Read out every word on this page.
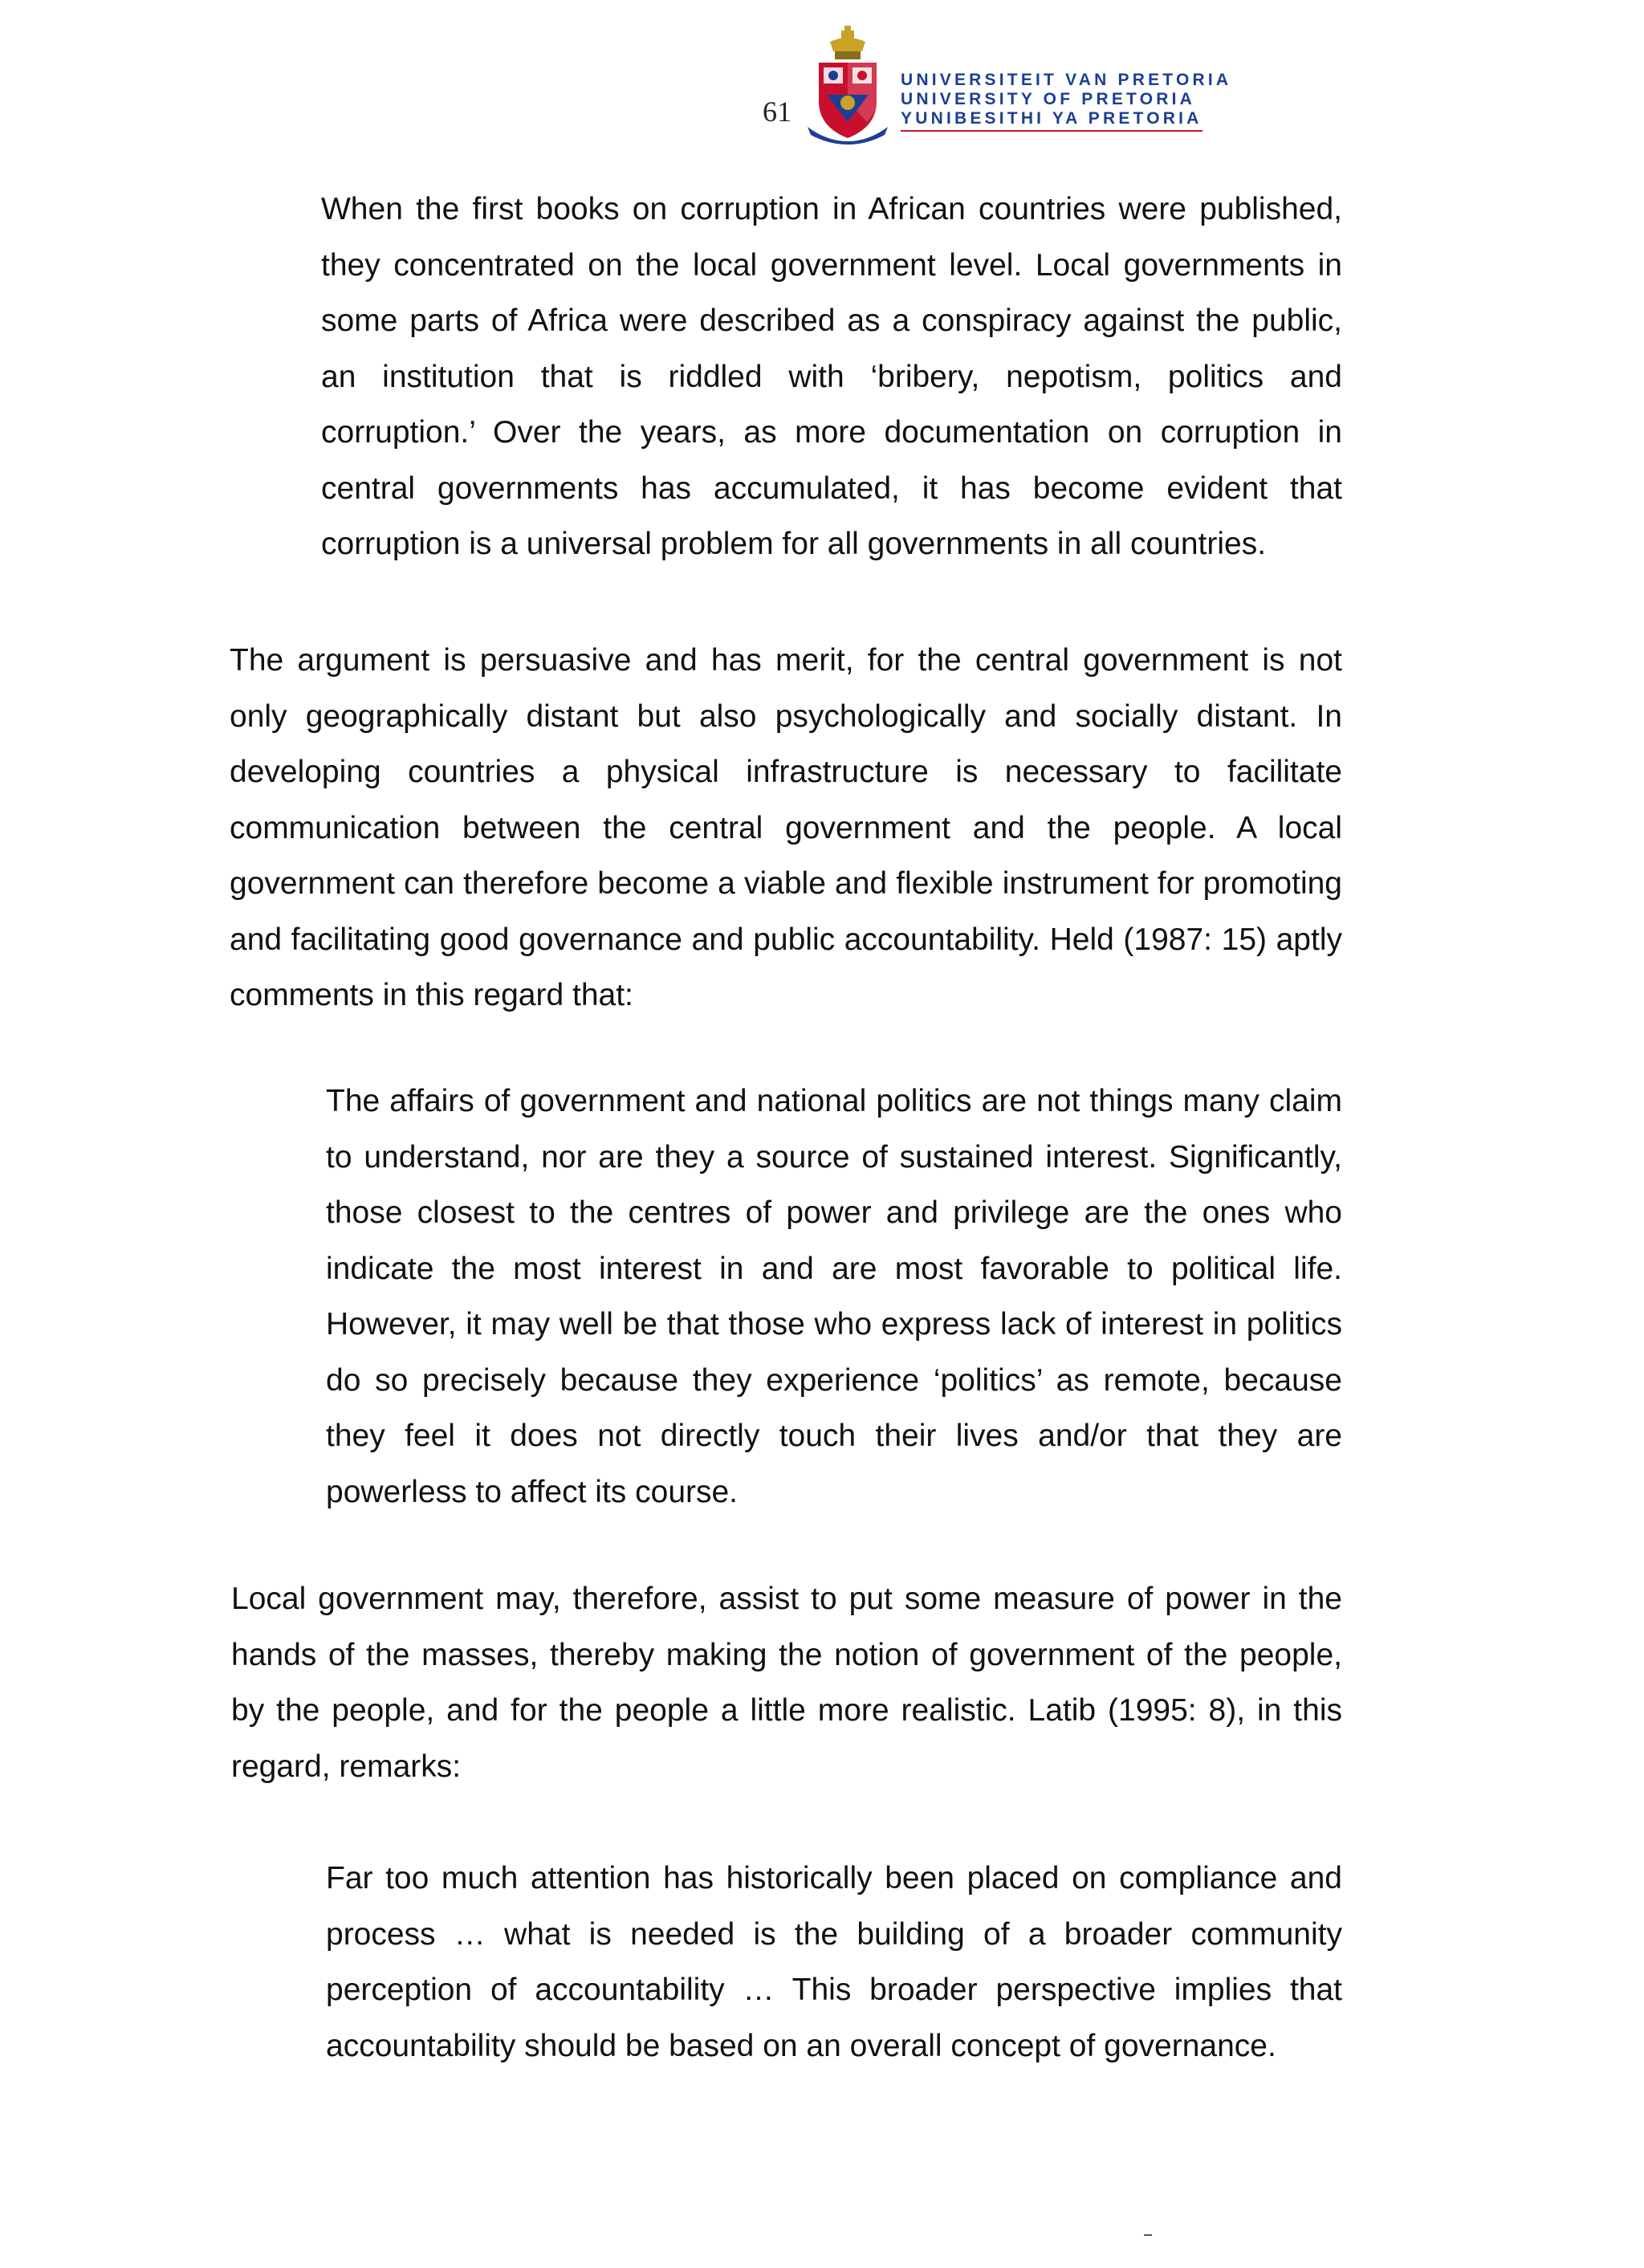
61
UNIVERSITEIT VAN PRETORIA
UNIVERSITY OF PRETORIA
YUNIBESITHI YA PRETORIA

When the first books on corruption in African countries were published, they concentrated on the local government level. Local governments in some parts of Africa were described as a conspiracy against the public, an institution that is riddled with ‘bribery, nepotism, politics and corruption.’ Over the years, as more documentation on corruption in central governments has accumulated, it has become evident that corruption is a universal problem for all governments in all countries.

The argument is persuasive and has merit, for the central government is not only geographically distant but also psychologically and socially distant. In developing countries a physical infrastructure is necessary to facilitate communication between the central government and the people. A local government can therefore become a viable and flexible instrument for promoting and facilitating good governance and public accountability. Held (1987: 15) aptly comments in this regard that:

The affairs of government and national politics are not things many claim to understand, nor are they a source of sustained interest. Significantly, those closest to the centres of power and privilege are the ones who indicate the most interest in and are most favorable to political life. However, it may well be that those who express lack of interest in politics do so precisely because they experience ‘politics’ as remote, because they feel it does not directly touch their lives and/or that they are powerless to affect its course.

Local government may, therefore, assist to put some measure of power in the hands of the masses, thereby making the notion of government of the people, by the people, and for the people a little more realistic. Latib (1995: 8), in this regard, remarks:

Far too much attention has historically been placed on compliance and process … what is needed is the building of a broader community perception of accountability … This broader perspective implies that accountability should be based on an overall concept of governance.
